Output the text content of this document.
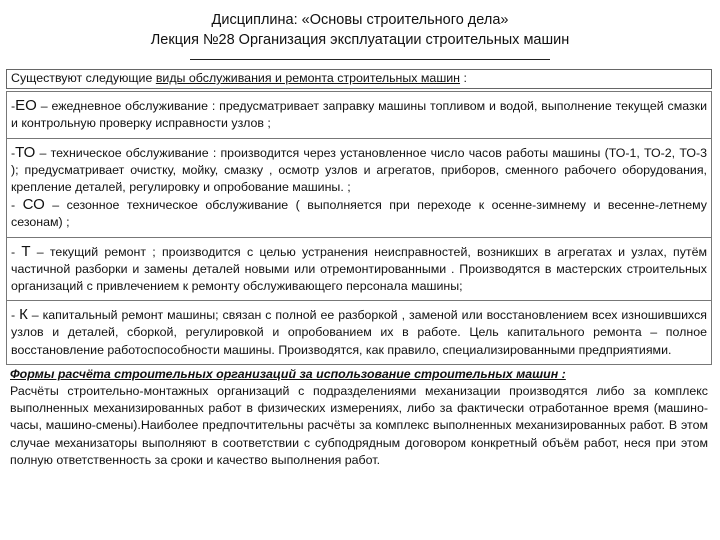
Дисциплина: «Основы строительного дела»
Лекция №28 Организация эксплуатации строительных машин
Существуют следующие виды обслуживания и ремонта строительных машин :
-ЕО – ежедневное обслуживание : предусматривает заправку машины топливом и водой, выполнение текущей смазки и контрольную проверку исправности узлов ;
-ТО – техническое обслуживание : производится через установленное число часов работы машины (ТО-1, ТО-2, ТО-3 ); предусматривает очистку, мойку, смазку , осмотр узлов и агрегатов, приборов, сменного рабочего оборудования, крепление деталей, регулировку и опробование машины. ;
- СО – сезонное техническое обслуживание ( выполняется при переходе к осенне-зимнему и весенне-летнему сезонам) ;
- Т – текущий ремонт ; производится с целью устранения неисправностей, возникших в агрегатах и узлах, путём частичной разборки и замены деталей новыми или отремонтированными . Производятся в мастерских строительных организаций с привлечением к ремонту обслуживающего персонала машины;
- К – капитальный ремонт машины; связан с полной ее разборкой , заменой или восстановлением всех изношившихся узлов и деталей, сборкой, регулировкой и опробованием их в работе. Цель капитального ремонта – полное восстановление работоспособности машины. Производятся, как правило, специализированными предприятиями.
Формы расчёта строительных организаций за использование строительных машин :
Расчёты строительно-монтажных организаций с подразделениями механизации производятся либо за комплекс выполненных механизированных работ в физических измерениях, либо за фактически отработанное время (машино-часы, машино-смены).Наиболее предпочтительны расчёты за комплекс выполненных механизированных работ. В этом случае механизаторы выполняют в соответствии с субподрядным договором конкретный объём работ, неся при этом полную ответственность за сроки и качество выполнения работ.
